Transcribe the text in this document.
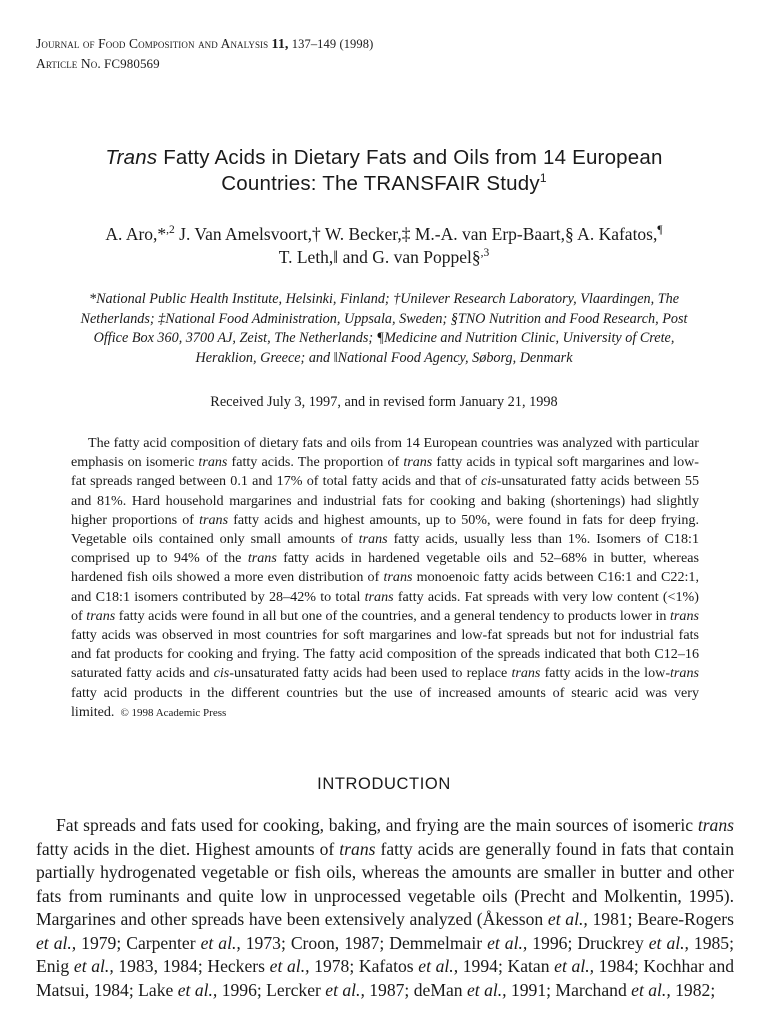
Journal of Food Composition and Analysis 11, 137–149 (1998)
Article No. FC980569
Trans Fatty Acids in Dietary Fats and Oils from 14 European
Countries: The TRANSFAIR Study$^1$
A. Aro,*$^{,2}$ J. Van Amelsvoort,† W. Becker,‡ M.-A. van Erp-Baart,§ A. Kafatos,¶
T. Leth,‖ and G. van Poppel§$^{,3}$
*National Public Health Institute, Helsinki, Finland; †Unilever Research Laboratory, Vlaardingen, The
Netherlands; ‡National Food Administration, Uppsala, Sweden; §TNO Nutrition and Food Research, Post
Office Box 360, 3700 AJ, Zeist, The Netherlands; ¶Medicine and Nutrition Clinic, University of Crete,
Heraklion, Greece; and ‖National Food Agency, Søborg, Denmark
Received July 3, 1997, and in revised form January 21, 1998

The fatty acid composition of dietary fats and oils from 14 European countries was analyzed with particular emphasis on isomeric trans fatty acids. The proportion of trans fatty acids in typical soft margarines and low-fat spreads ranged between 0.1 and 17% of total fatty acids and that of cis-unsaturated fatty acids between 55 and 81%. Hard household margarines and industrial fats for cooking and baking (shortenings) had slightly higher proportions of trans fatty acids and highest amounts, up to 50%, were found in fats for deep frying. Vegetable oils contained only small amounts of trans fatty acids, usually less than 1%. Isomers of C18:1 comprised up to 94% of the trans fatty acids in hardened vegetable oils and 52–68% in butter, whereas hardened fish oils showed a more even distribution of trans monoenoic fatty acids between C16:1 and C22:1, and C18:1 isomers contributed by 28–42% to total trans fatty acids. Fat spreads with very low content (<1%) of trans fatty acids were found in all but one of the countries, and a general tendency to products lower in trans fatty acids was observed in most countries for soft margarines and low-fat spreads but not for industrial fats and fat products for cooking and frying. The fatty acid composition of the spreads indicated that both C12–16 saturated fatty acids and cis-unsaturated fatty acids had been used to replace trans fatty acids in the low-trans fatty acid products in the different countries but the use of increased amounts of stearic acid was very limited. © 1998 Academic Press

INTRODUCTION

Fat spreads and fats used for cooking, baking, and frying are the main sources of isomeric trans fatty acids in the diet. Highest amounts of trans fatty acids are generally found in fats that contain partially hydrogenated vegetable or fish oils, whereas the amounts are smaller in butter and other fats from ruminants and quite low in unprocessed vegetable oils (Precht and Molkentin, 1995). Margarines and other spreads have been extensively analyzed (Åkesson et al., 1981; Beare-Rogers et al., 1979; Carpenter et al., 1973; Croon, 1987; Demmelmair et al., 1996; Druckrey et al., 1985; Enig et al., 1983, 1984; Heckers et al., 1978; Kafatos et al., 1994; Katan et al., 1984; Kochhar and Matsui, 1984; Lake et al., 1996; Lercker et al., 1987; deMan et al., 1991; Marchand et al., 1982;
